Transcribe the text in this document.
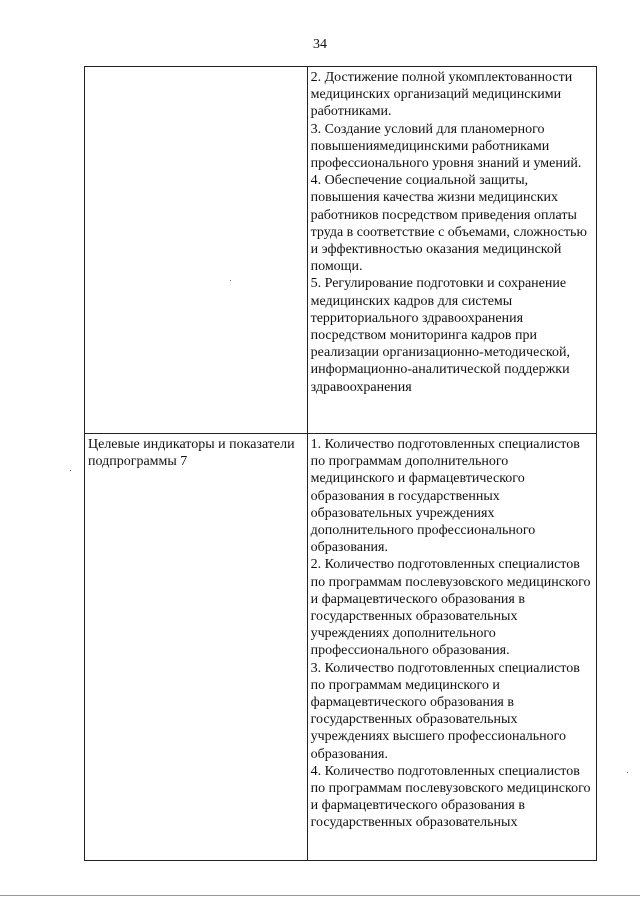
34

	2. Достижение полной укомплектованности медицинских организаций медицинскими работниками.
3. Создание условий для планомерного повышениямедицинскими работниками профессионального уровня знаний и умений.
4. Обеспечение социальной защиты, повышения качества жизни медицинских работников посредством приведения оплаты труда в соответствие с объемами, сложностью и эффективностью оказания медицинской помощи.
5. Регулирование подготовки и сохранение медицинских кадров для системы территориального здравоохранения посредством мониторинга кадров при реализации организационно-методической, информационно-аналитической поддержки здравоохранения

Целевые индикаторы и показатели подпрограммы 7	1. Количество подготовленных специалистов по программам дополнительного медицинского и фармацевтического образования в государственных образовательных учреждениях дополнительного профессионального образования.
2. Количество подготовленных специалистов по программам послевузовского медицинского и фармацевтического образования в государственных образовательных учреждениях дополнительного профессионального образования.
3. Количество подготовленных специалистов по программам медицинского и фармацевтического образования в государственных образовательных учреждениях высшего профессионального образования.
4. Количество подготовленных специалистов по программам послевузовского медицинского и фармацевтического образования в государственных образовательных
